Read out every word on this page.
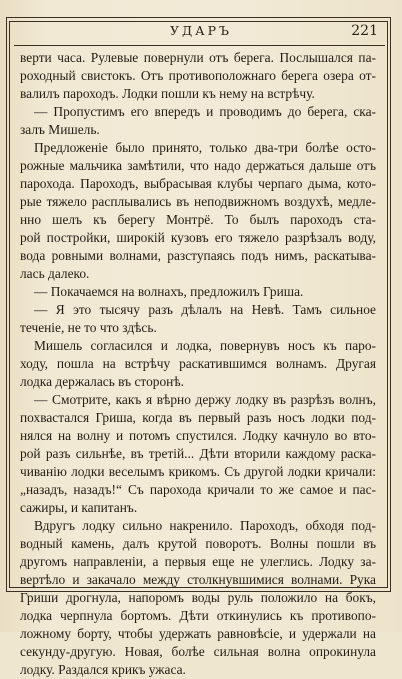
УДАРЪ	221
верти часа. Рулевые повернули отъ берега. Послышался па-
роходный свистокъ. Отъ противоположнаго берега озера от-
валилъ пароходъ. Лодки пошли къ нему на встрѣчу.
— Пропустимъ его впередъ и проводимъ до берега, ска-
залъ Мишель.
Предложеніе было принято, только два-три болѣе осто-
рожные мальчика замѣтили, что надо держаться дальше отъ
парохода. Пароходъ, выбрасывая клубы черпаго дыма, кото-
рые тяжело расплывались въ неподвижномъ воздухѣ, медле-
нно шелъ къ берегу Монтрё. То былъ пароходъ ста-
рой постройки, широкій кузовъ его тяжело разрѣзалъ воду,
вода ровными волнами, разступаясь подъ нимъ, раскатыва-
лась далеко.
— Покачаемся на волнахъ, предложилъ Гриша.
— Я это тысячу разъ дѣлалъ на Невѣ. Тамъ сильное
теченіе, не то что здѣсь.
Мишель согласился и лодка, повернувъ носъ къ паро-
ходу, пошла на встрѣчу раскатившимся волнамъ. Другая
лодка держалась въ сторонѣ.
— Смотрите, какъ я вѣрно держу лодку въ разрѣзъ волнъ,
похвастался Гриша, когда въ первый разъ носъ лодки под-
нялся на волну и потомъ спустился. Лодку качнуло во вто-
рой разъ сильнѣе, въ третій... Дѣти вторили каждому раска-
чиванію лодки веселымъ крикомъ. Съ другой лодки кричали:
„назадъ, назадъ!“ Съ парохода кричали то же самое и пас-
сажиры, и капитанъ.
Вдругъ лодку сильно накренило. Пароходъ, обходя под-
водный камень, далъ крутой поворотъ. Волны пошли въ
другомъ направленіи, а первыя еще не улеглись. Лодку за-
вертѣло и закачало между столкнувшимися волнами. Рука
Гриши дрогнула, напоромъ воды руль положило на бокъ,
лодка черпнула бортомъ. Дѣти откинулись къ противопо-
ложному борту, чтобы удержать равновѣсіе, и удержали на
секунду-другую. Новая, болѣе сильная волна опрокинула
лодку. Раздался крикъ ужаса.
